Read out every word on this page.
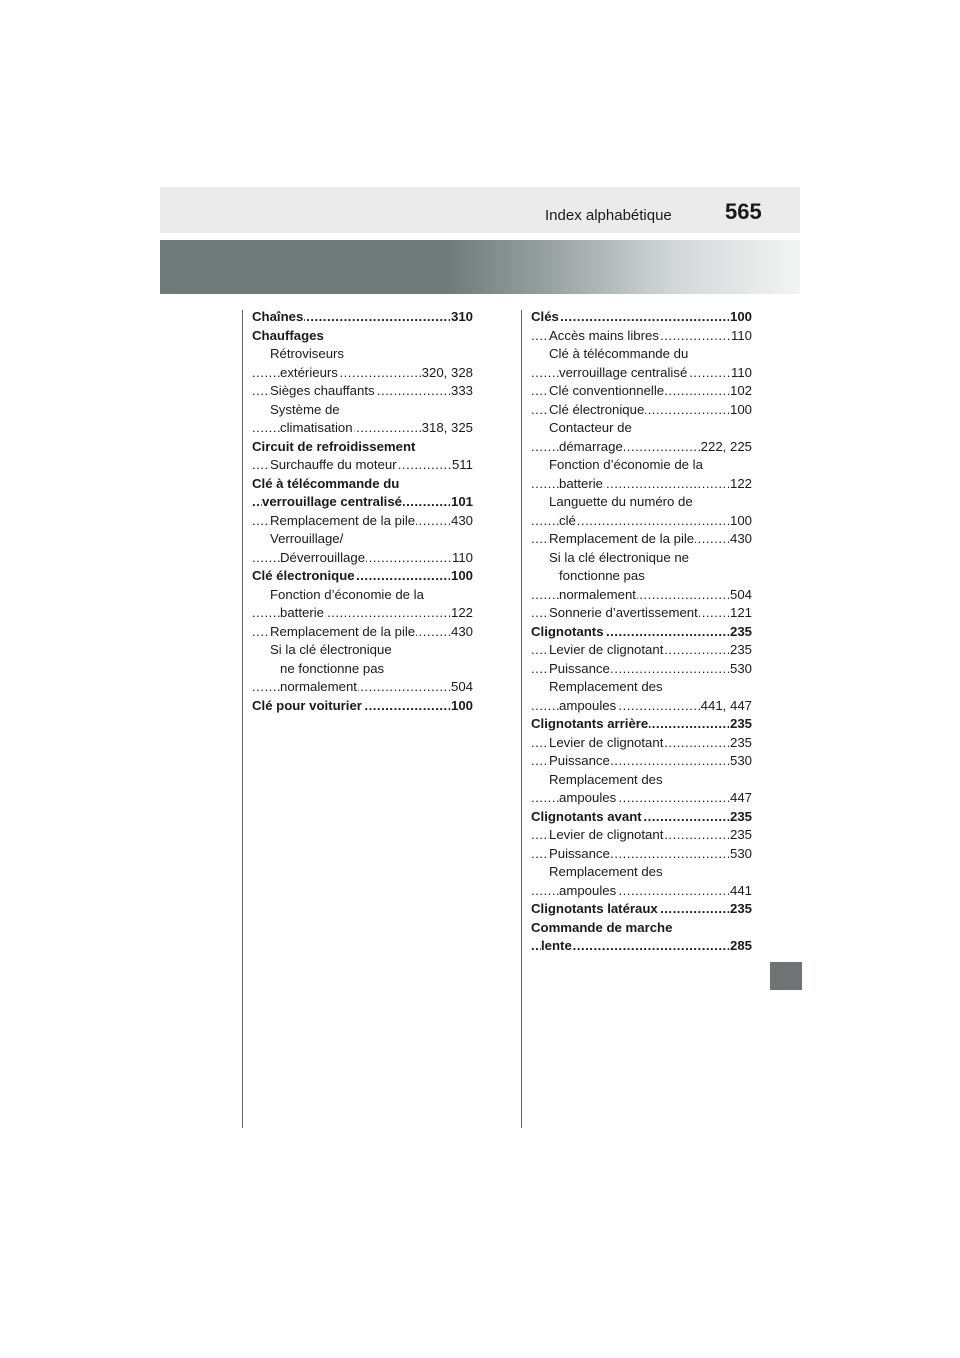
Index alphabétique 565
Chaînes	310
.....
Chauffages
Rétroviseurs
extérieurs	320, 328
.....
Sièges chauffants	333
.....
Système de
climatisation	318, 325
.....
Circuit de refroidissement
Surchauffe du moteur	511
.....
Clé à télécommande du
verrouillage centralisé	101
.....
Remplacement de la pile	430
.....
Verrouillage/
Déverrouillage	110
.....
Clé électronique	100
.....
Fonction d’économie de la
batterie	122
.....
Remplacement de la pile	430
.....
Si la clé électronique
ne fonctionne pas
normalement	504
.....
Clé pour voiturier	100
.....
Clés	100
.....
Accès mains libres	110
.....
Clé à télécommande du
verrouillage centralisé	110
.....
Clé conventionnelle	102
.....
Clé électronique	100
.....
Contacteur de
démarrage	222, 225
.....
Fonction d’économie de la
batterie	122
.....
Languette du numéro de
clé	100
.....
Remplacement de la pile	430
.....
Si la clé électronique ne
fonctionne pas
normalement	504
.....
Sonnerie d’avertissement 121
.....
Clignotants	235
.....
Levier de clignotant	235
.....
Puissance	530
.....
Remplacement des
ampoules	441, 447
.....
Clignotants arrière	235
.....
Levier de clignotant	235
.....
Puissance	530
.....
Remplacement des
ampoules	447
.....
Clignotants avant	235
.....
Levier de clignotant	235
.....
Puissance	530
.....
Remplacement des
ampoules	441
.....
Clignotants latéraux	235
.....
Commande de marche
lente	285
.....
